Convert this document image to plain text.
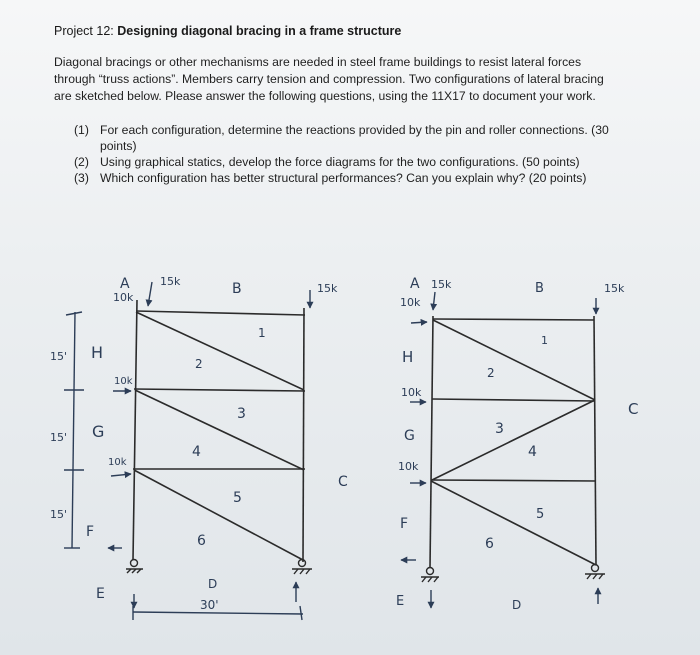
Project 12: Designing diagonal bracing in a frame structure
Diagonal bracings or other mechanisms are needed in steel frame buildings to resist lateral forces
through “truss actions”. Members carry tension and compression. Two configurations of lateral bracing
are sketched below. Please answer the following questions, using the 11X17 to document your work.
(1) For each configuration, determine the reactions provided by the pin and roller connections. (30
points)
(2) Using graphical statics, develop the force diagrams for the two configurations. (50 points)
(3) Which configuration has better structural performances? Can you explain why? (20 points)
A	15k
10k
B	15k
15'
15'
15'
H
10k
G
10k
F
E
D
30'
C
1
2
3
4
5
6
A 15k
10k
B	15k
H
10k
G
10k
F
E	D
C
1
2
3
4
5
6
